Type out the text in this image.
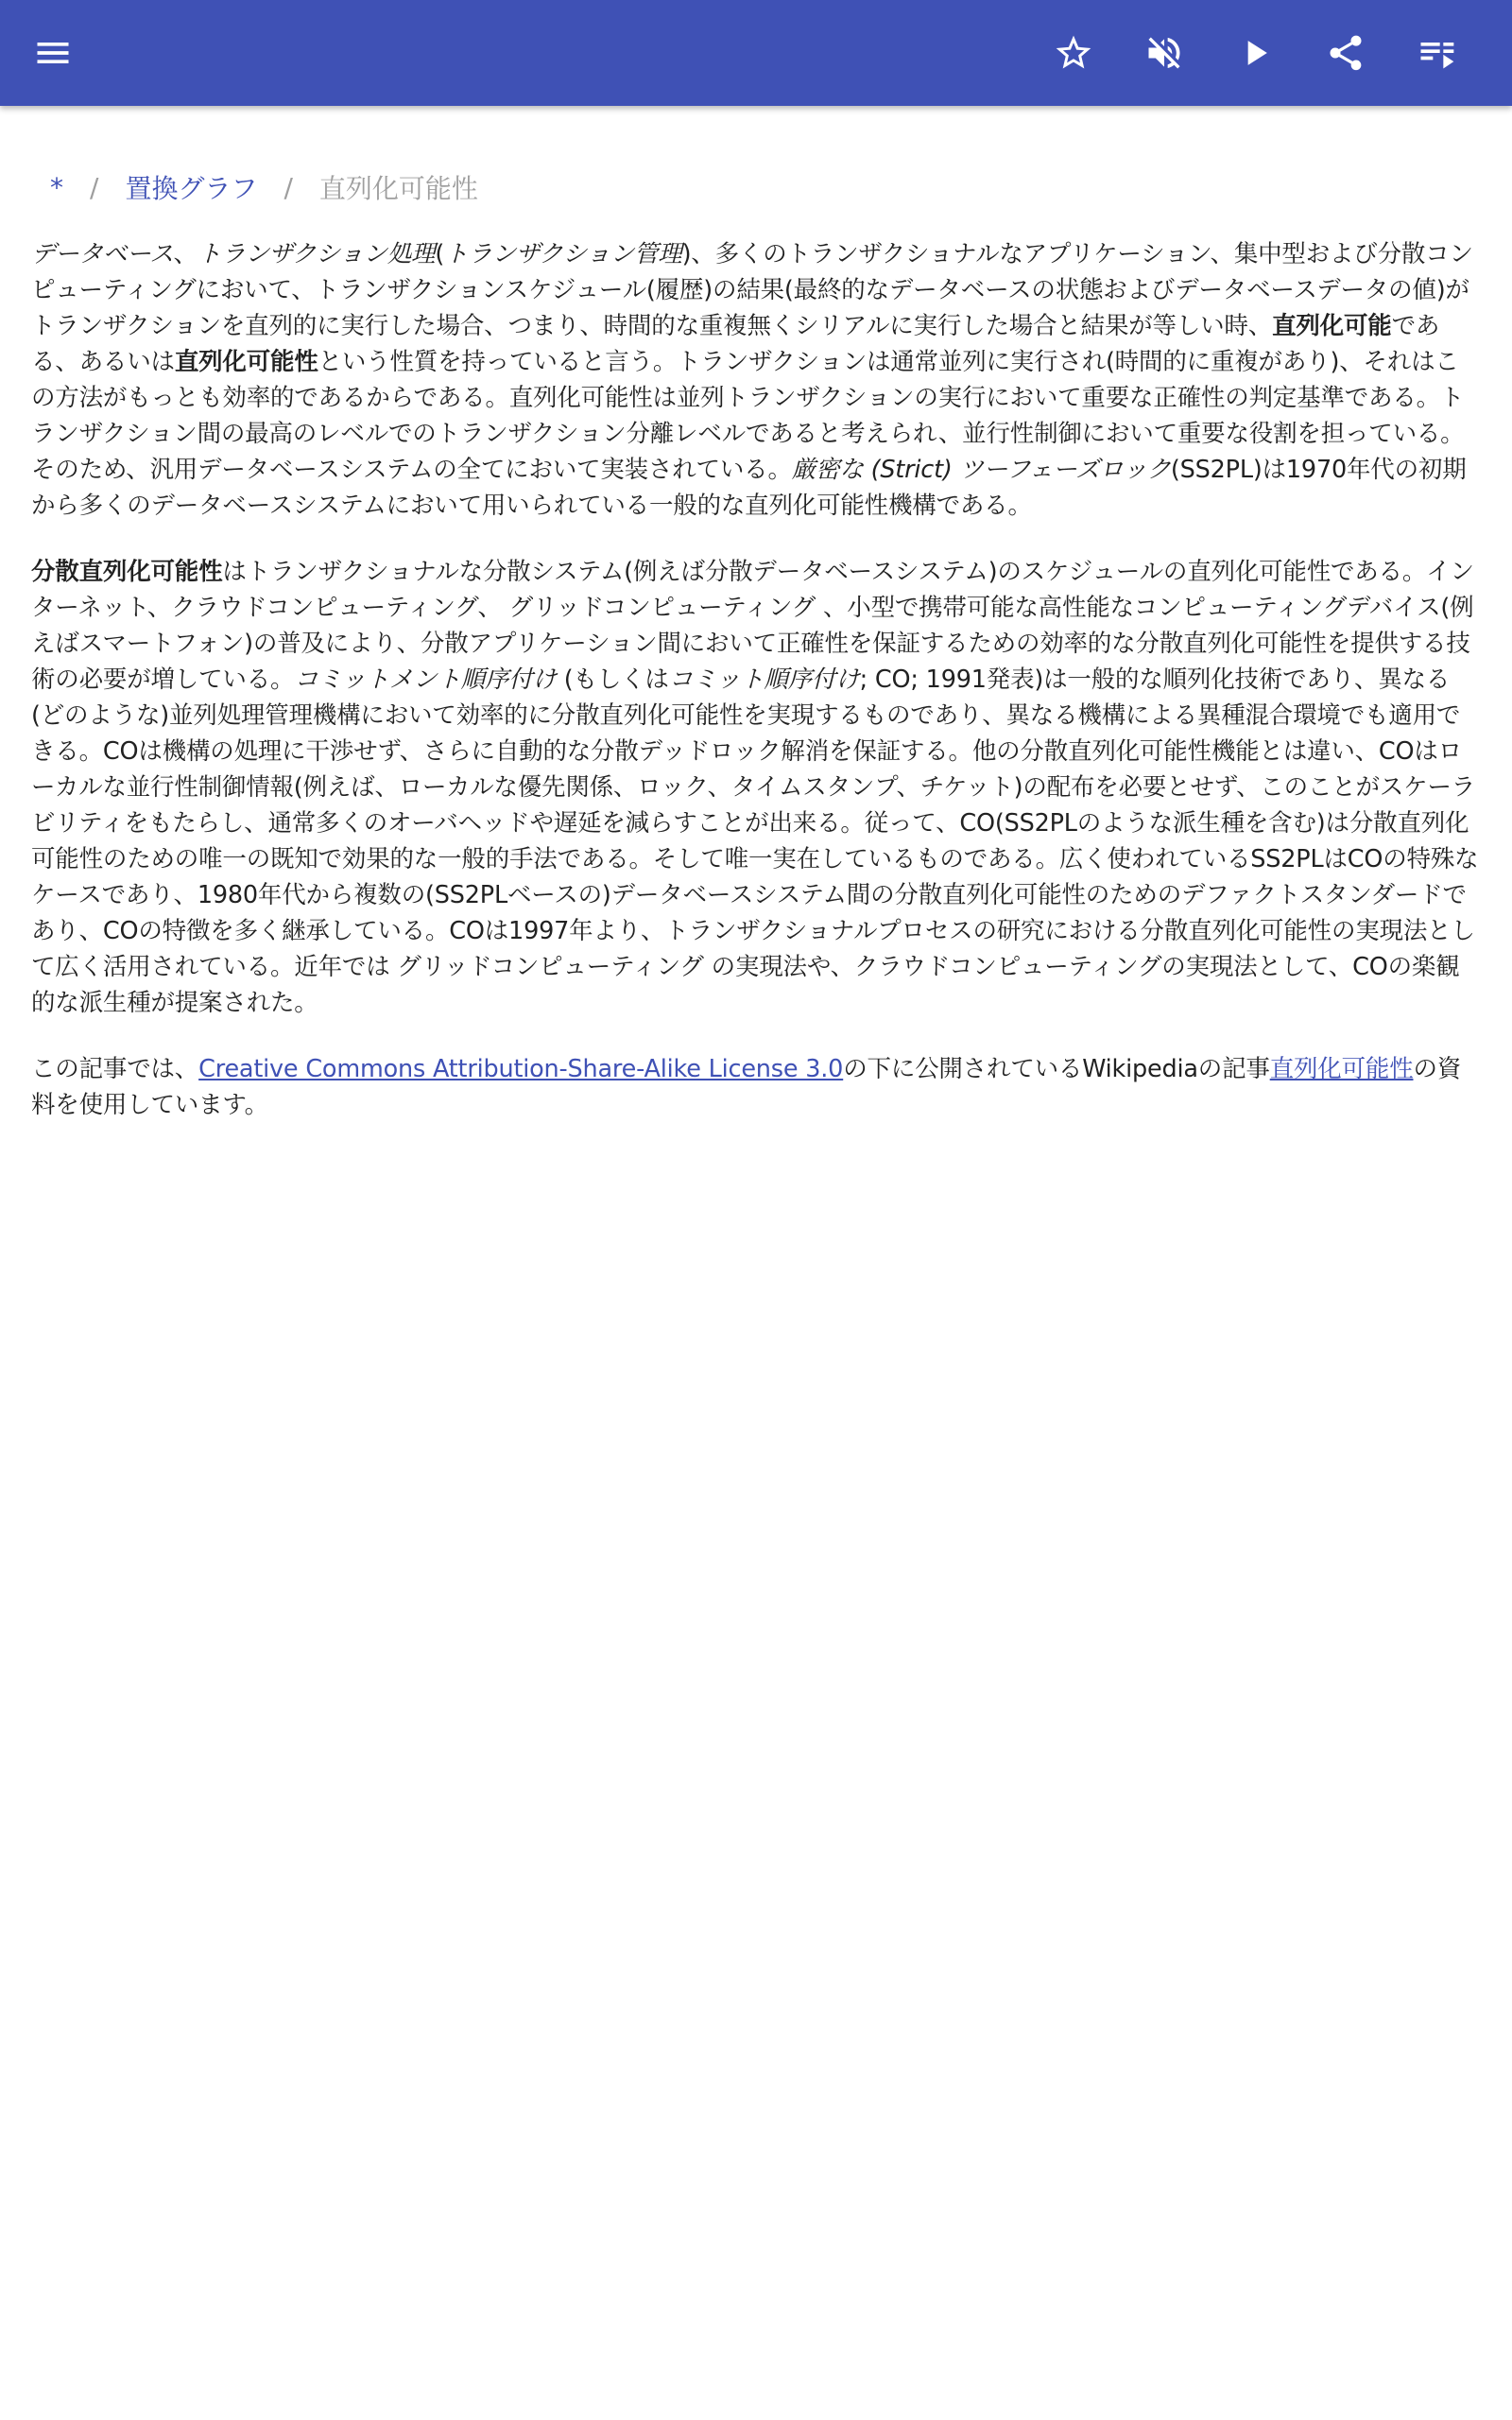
* / 置換グラフ / 直列化可能性

データベース、トランザクション処理(トランザクション管理)、多くのトランザクショナルなアプリケーション、集中型および分散コンピューティングにおいて、トランザクションスケジュール(履歴)の結果(最終的なデータベースの状態およびデータベースデータの値)がトランザクションを直列的に実行した場合、つまり、時間的な重複無くシリアルに実行した場合と結果が等しい時、直列化可能である、あるいは直列化可能性という性質を持っていると言う。トランザクションは通常並列に実行され(時間的に重複があり)、それはこの方法がもっとも効率的であるからである。直列化可能性は並列トランザクションの実行において重要な正確性の判定基準である。トランザクション間の最高のレベルでのトランザクション分離レベルであると考えられ、並行性制御において重要な役割を担っている。そのため、汎用データベースシステムの全てにおいて実装されている。厳密な (Strict) ツーフェーズロック(SS2PL)は1970年代の初期から多くのデータベースシステムにおいて用いられている一般的な直列化可能性機構である。

分散直列化可能性はトランザクショナルな分散システム(例えば分散データベースシステム)のスケジュールの直列化可能性である。インターネット、クラウドコンピューティング、 グリッドコンピューティング 、小型で携帯可能な高性能なコンピューティングデバイス(例えばスマートフォン)の普及により、分散アプリケーション間において正確性を保証するための効率的な分散直列化可能性を提供する技術の必要が増している。コミットメント順序付け (もしくはコミット順序付け; CO; 1991発表)は一般的な順列化技術であり、異なる(どのような)並列処理管理機構において効率的に分散直列化可能性を実現するものであり、異なる機構による異種混合環境でも適用できる。COは機構の処理に干渉せず、さらに自動的な分散デッドロック解消を保証する。他の分散直列化可能性機能とは違い、COはローカルな並行性制御情報(例えば、ローカルな優先関係、ロック、タイムスタンプ、チケット)の配布を必要とせず、このことがスケーラビリティをもたらし、通常多くのオーバヘッドや遅延を減らすことが出来る。従って、CO(SS2PLのような派生種を含む)は分散直列化可能性のための唯一の既知で効果的な一般的手法である。そして唯一実在しているものである。広く使われているSS2PLはCOの特殊なケースであり、1980年代から複数の(SS2PLベースの)データベースシステム間の分散直列化可能性のためのデファクトスタンダードであり、COの特徴を多く継承している。COは1997年より、トランザクショナルプロセスの研究における分散直列化可能性の実現法として広く活用されている。近年では グリッドコンピューティング の実現法や、クラウドコンピューティングの実現法として、COの楽観的な派生種が提案された。

この記事では、Creative Commons Attribution-Share-Alike License 3.0の下に公開されているWikipediaの記事直列化可能性の資料を使用しています。
